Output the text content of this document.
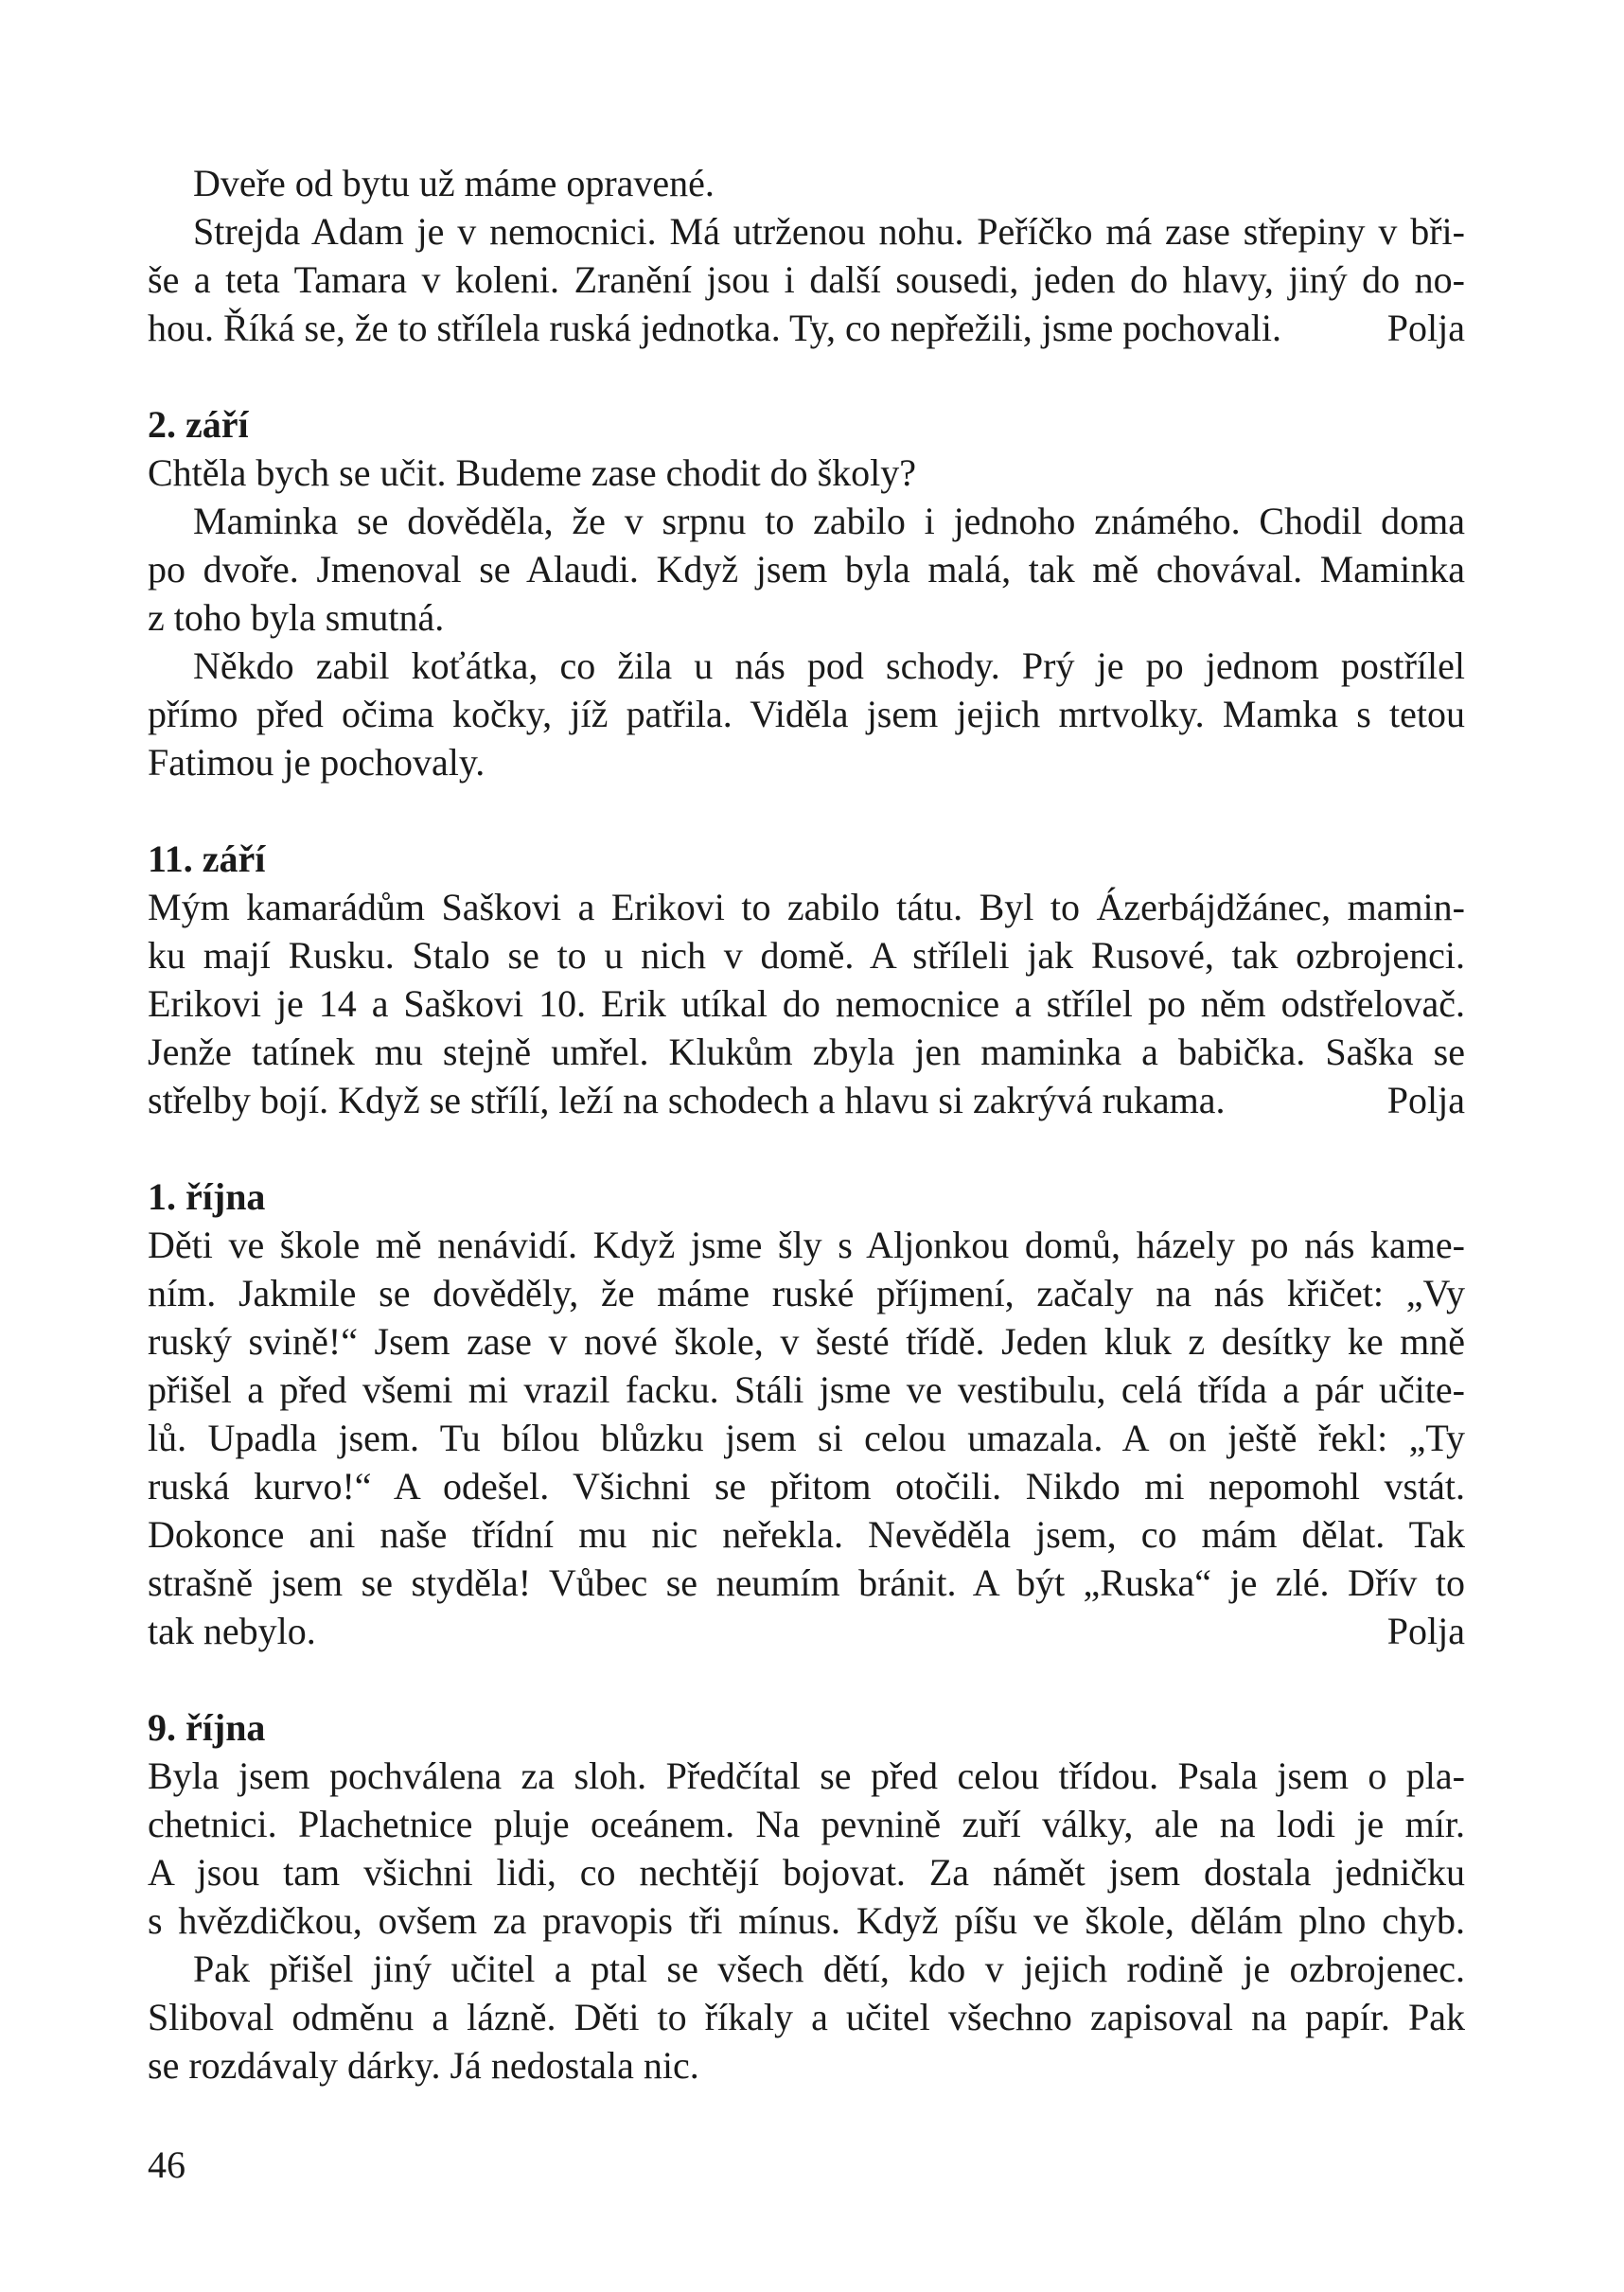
Dveře od bytu už máme opravené.
Strejda Adam je v nemocnici. Má utrženou nohu. Peříčko má zase střepiny v bři-
še a teta Tamara v koleni. Zranění jsou i další sousedi, jeden do hlavy, jiný do no-
hou. Říká se, že to střílela ruská jednotka. Ty, co nepřežili, jsme pochovali.	Polja
2. září
Chtěla bych se učit. Budeme zase chodit do školy?
Maminka se dověděla, že v srpnu to zabilo i jednoho známého. Chodil doma
po dvoře. Jmenoval se Alaudi. Když jsem byla malá, tak mě chovával. Maminka
z toho byla smutná.
Někdo zabil koťátka, co žila u nás pod schody. Prý je po jednom postřílel
přímo před očima kočky, jíž patřila. Viděla jsem jejich mrtvolky. Mamka s tetou
Fatimou je pochovaly.
11. září
Mým kamarádům Saškovi a Erikovi to zabilo tátu. Byl to Ázerbájdžánec, mamin-
ku mají Rusku. Stalo se to u nich v domě. A stříleli jak Rusové, tak ozbrojenci.
Erikovi je 14 a Saškovi 10. Erik utíkal do nemocnice a střílel po něm odstřelovač.
Jenže tatínek mu stejně umřel. Klukům zbyla jen maminka a babička. Saška se
střelby bojí. Když se střílí, leží na schodech a hlavu si zakrývá rukama.	Polja
1. října
Děti ve škole mě nenávidí. Když jsme šly s Aljonkou domů, házely po nás kame-
ním. Jakmile se dověděly, že máme ruské příjmení, začaly na nás křičet: „Vy
ruský svině!“ Jsem zase v nové škole, v šesté třídě. Jeden kluk z desítky ke mně
přišel a před všemi mi vrazil facku. Stáli jsme ve vestibulu, celá třída a pár učite-
lů. Upadla jsem. Tu bílou blůzku jsem si celou umazala. A on ještě řekl: „Ty
ruská kurvo!“ A odešel. Všichni se přitom otočili. Nikdo mi nepomohl vstát.
Dokonce ani naše třídní mu nic neřekla. Nevěděla jsem, co mám dělat. Tak
strašně jsem se styděla! Vůbec se neumím bránit. A být „Ruska“ je zlé. Dřív to
tak nebylo.	Polja
9. října
Byla jsem pochválena za sloh. Předčítal se před celou třídou. Psala jsem o pla-
chetnici. Plachetnice pluje oceánem. Na pevnině zuří války, ale na lodi je mír.
A jsou tam všichni lidi, co nechtějí bojovat. Za námět jsem dostala jedničku
s hvězdičkou, ovšem za pravopis tři mínus. Když píšu ve škole, dělám plno chyb.
Pak přišel jiný učitel a ptal se všech dětí, kdo v jejich rodině je ozbrojenec.
Sliboval odměnu a lázně. Děti to říkaly a učitel všechno zapisoval na papír. Pak
se rozdávaly dárky. Já nedostala nic.
46
